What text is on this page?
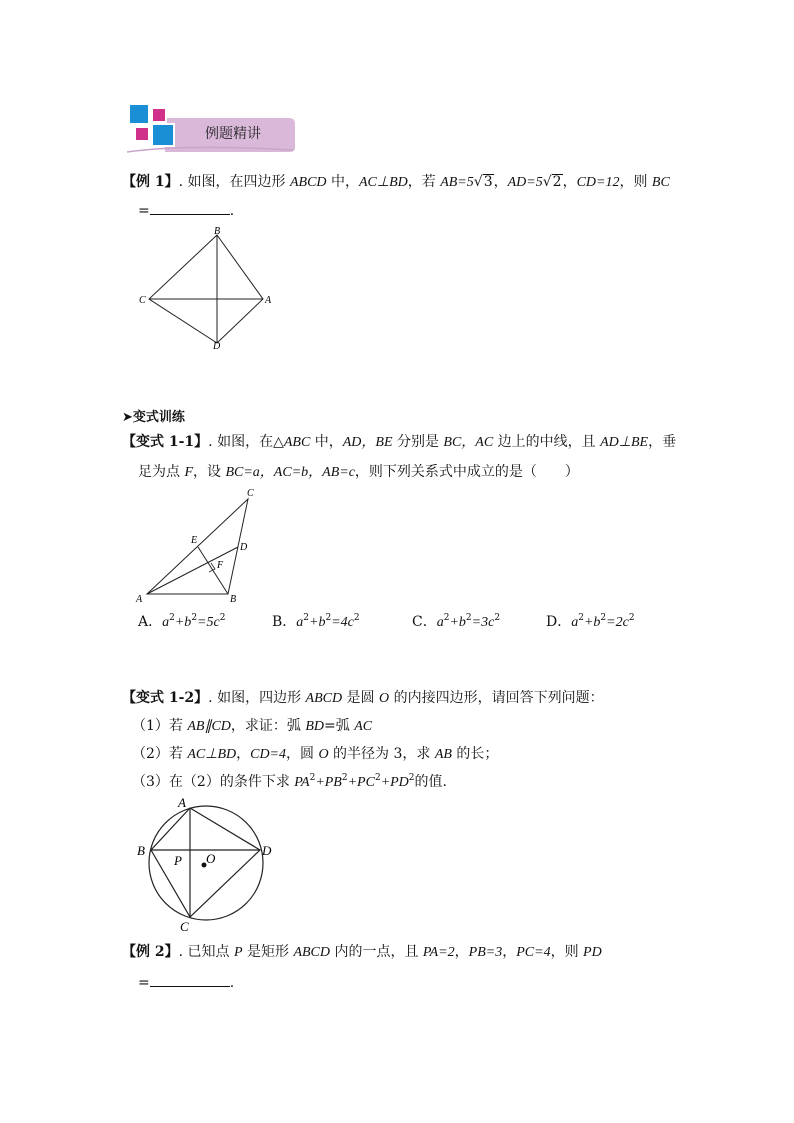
例题精讲
【例 1】. 如图，在四边形 ABCD 中，AC⊥BD，若 AB=5√3，AD=5√2，CD=12，则 BC
=	.
B
C	A
D
➤变式训练
【变式 1-1】. 如图，在△ABC 中，AD，BE 分别是 BC，AC 边上的中线，且 AD⊥BE，垂
足为点 F，设 BC=a，AC=b，AB=c，则下列关系式中成立的是（　　）
C
E
D
F
A	B
A．$a^2+b^2=5c^2$	B．$a^2+b^2=4c^2$	C．$a^2+b^2=3c^2$	D．$a^2+b^2=2c^2$
【变式 1-2】. 如图，四边形 ABCD 是圆 O 的内接四边形，请回答下列问题：
（1）若 AB∥CD，求证：弧 BD=弧 AC
（2）若 AC⊥BD，CD=4，圆 O 的半径为 3，求 AB 的长；
（3）在（2）的条件下求 $PA^2+PB^2+PC^2+PD^2$的值.
A
B	D
C
P O
【例 2】. 已知点 P 是矩形 ABCD 内的一点，且 PA=2，PB=3，PC=4，则 PD
=	.
